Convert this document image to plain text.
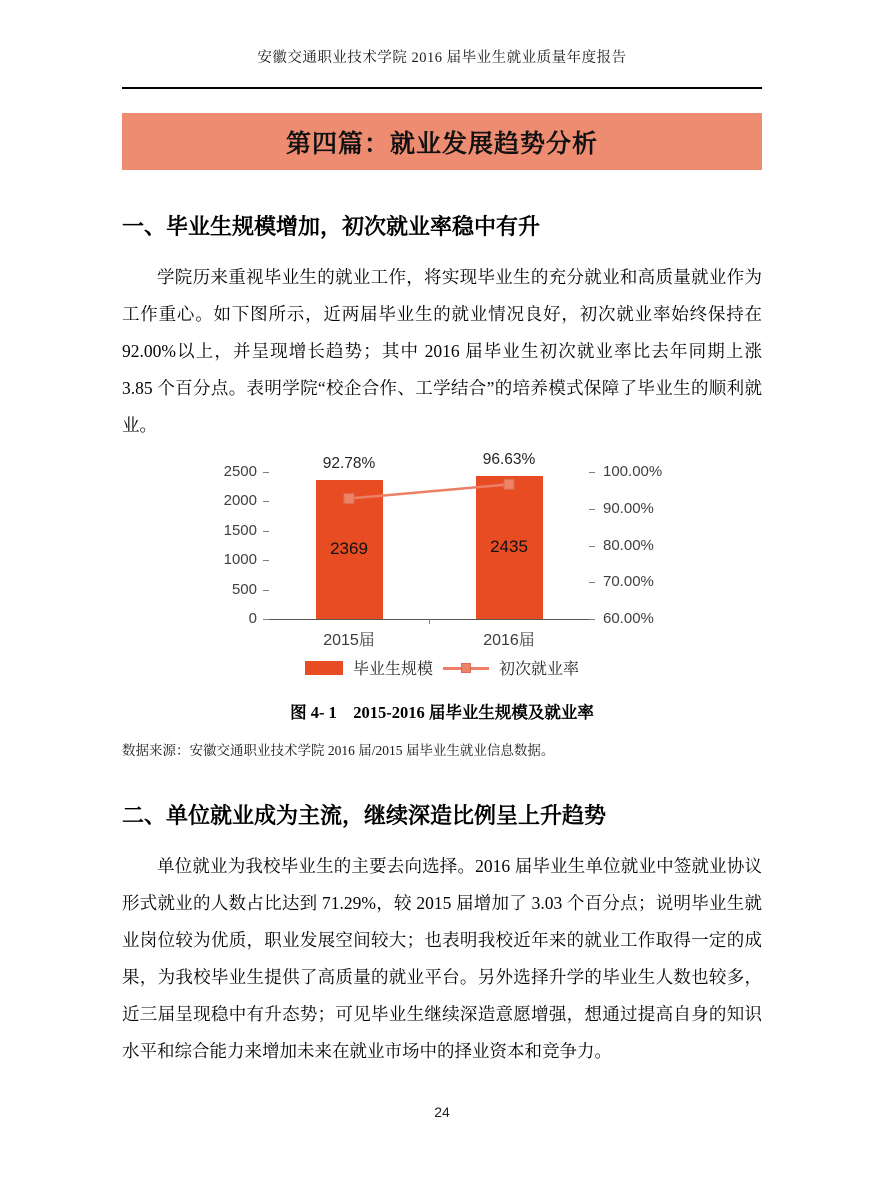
安徽交通职业技术学院 2016 届毕业生就业质量年度报告
第四篇：就业发展趋势分析
一、毕业生规模增加，初次就业率稳中有升

学院历来重视毕业生的就业工作，将实现毕业生的充分就业和高质量就业作为工作重心。如下图所示，近两届毕业生的就业情况良好，初次就业率始终保持在 92.00%以上，并呈现增长趋势；其中 2016 届毕业生初次就业率比去年同期上涨 3.85 个百分点。表明学院“校企合作、工学结合”的培养模式保障了毕业生的顺利就业。

2500
2000
1500
1000
500
0
100.00%
90.00%
80.00%
70.00%
60.00%
2369	2435
92.78%	96.63%
2015届	2016届
毕业生规模	初次就业率
图 4- 1　2015-2016 届毕业生规模及就业率
数据来源：安徽交通职业技术学院 2016 届/2015 届毕业生就业信息数据。
二、单位就业成为主流，继续深造比例呈上升趋势

单位就业为我校毕业生的主要去向选择。2016 届毕业生单位就业中签就业协议形式就业的人数占比达到 71.29%，较 2015 届增加了 3.03 个百分点；说明毕业生就业岗位较为优质，职业发展空间较大；也表明我校近年来的就业工作取得一定的成果，为我校毕业生提供了高质量的就业平台。另外选择升学的毕业生人数也较多，近三届呈现稳中有升态势；可见毕业生继续深造意愿增强，想通过提高自身的知识水平和综合能力来增加未来在就业市场中的择业资本和竞争力。

24
